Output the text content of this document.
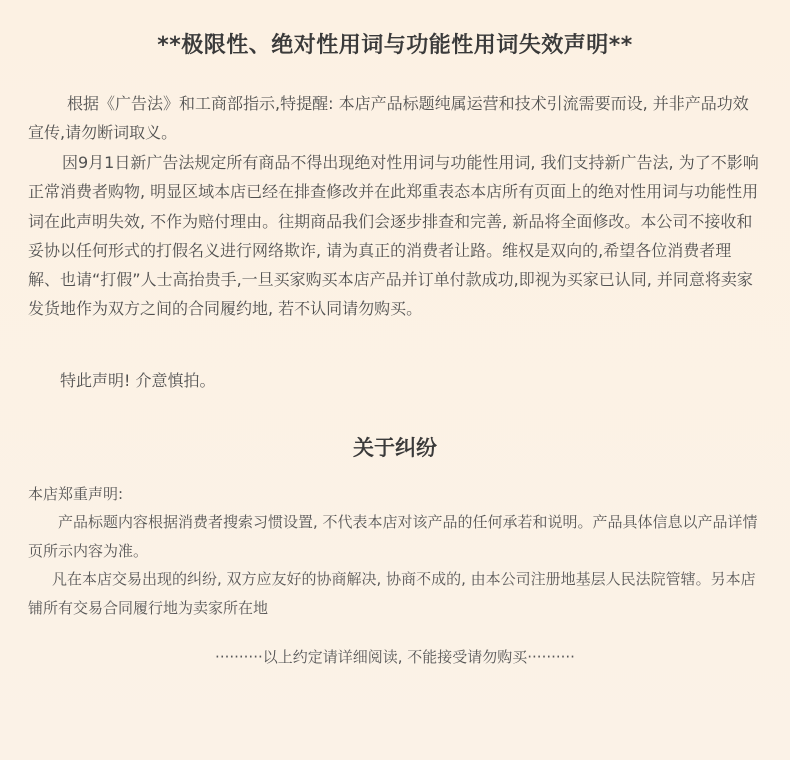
**极限性、绝对性用词与功能性用词失效声明**

根据《广告法》和工商部指示,特提醒: 本店产品标题纯属运营和技术引流需要而设, 并非产品功效宣传,请勿断词取义。

因9月1日新广告法规定所有商品不得出现绝对性用词与功能性用词, 我们支持新广告法, 为了不影响正常消费者购物, 明显区域本店已经在排查修改并在此郑重表态本店所有页面上的绝对性用词与功能性用词在此声明失效, 不作为赔付理由。往期商品我们会逐步排查和完善, 新品将全面修改。本公司不接收和妥协以任何形式的打假名义进行网络欺诈, 请为真正的消费者让路。维权是双向的,希望各位消费者理解、也请“打假”人士高抬贵手,一旦买家购买本店产品并订单付款成功,即视为买家已认同, 并同意将卖家发货地作为双方之间的合同履约地, 若不认同请勿购买。

特此声明! 介意慎拍。

关于纠纷

本店郑重声明:

产品标题内容根据消费者搜索习惯设置, 不代表本店对该产品的任何承若和说明。产品具体信息以产品详情页所示内容为准。

凡在本店交易出现的纠纷, 双方应友好的协商解决, 协商不成的, 由本公司注册地基层人民法院管辖。另本店铺所有交易合同履行地为卖家所在地

··········以上约定请详细阅读, 不能接受请勿购买··········
